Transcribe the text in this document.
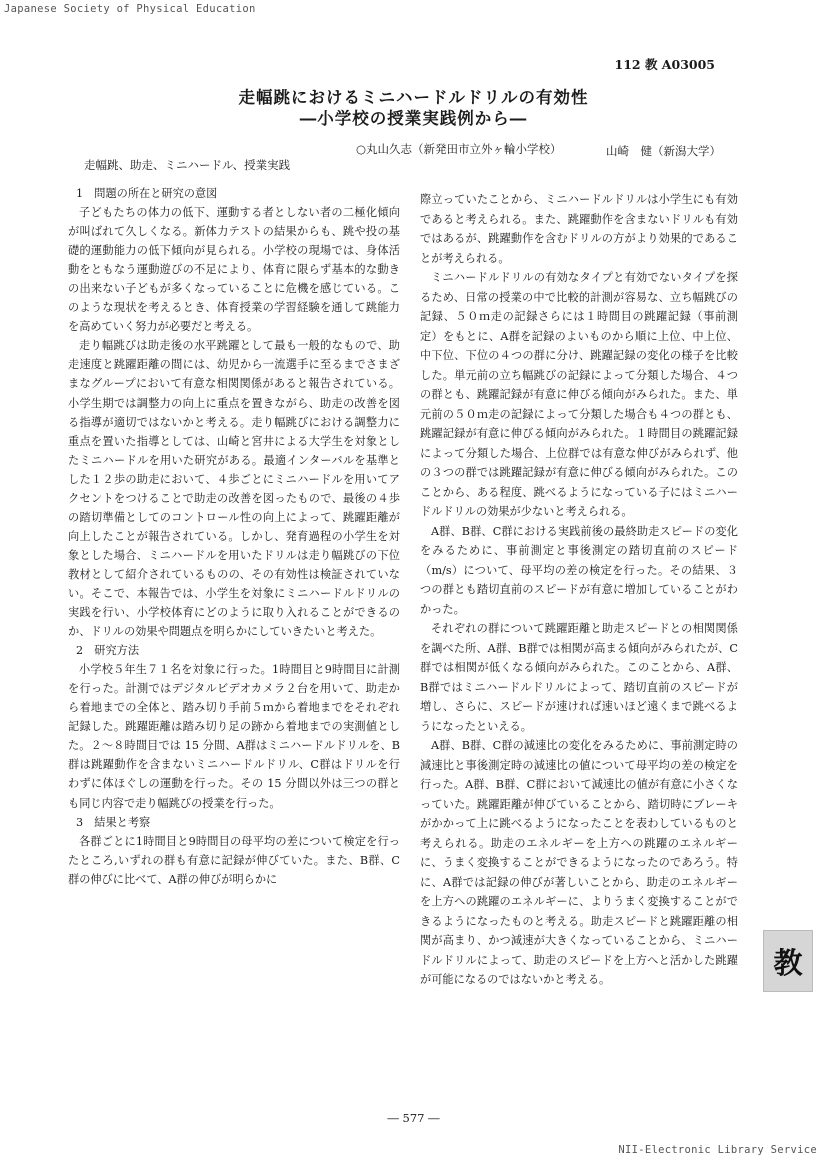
Japanese Society of Physical Education
112 教 A03005
走幅跳におけるミニハードルドリルの有効性
―小学校の授業実践例から―
○丸山久志（新発田市立外ヶ輪小学校）	山崎　健（新潟大学）
走幅跳、助走、ミニハードル、授業実践

1　問題の所在と研究の意図

子どもたちの体力の低下、運動する者としない者の二極化傾向が叫ばれて久しくなる。新体力テストの結果からも、跳や投の基礎的運動能力の低下傾向が見られる。小学校の現場では、身体活動をともなう運動遊びの不足により、体育に限らず基本的な動きの出来ない子どもが多くなっていることに危機を感じている。このような現状を考えるとき、体育授業の学習経験を通して跳能力を高めていく努力が必要だと考える。

走り幅跳びは助走後の水平跳躍として最も一般的なもので、助走速度と跳躍距離の間には、幼児から一流選手に至るまでさまざまなグループにおいて有意な相関関係があると報告されている。小学生期では調整力の向上に重点を置きながら、助走の改善を図る指導が適切ではないかと考える。走り幅跳びにおける調整力に重点を置いた指導としては、山崎と宮井による大学生を対象としたミニハードルを用いた研究がある。最適インターバルを基準とした１２歩の助走において、４歩ごとにミニハードルを用いてアクセントをつけることで助走の改善を図ったもので、最後の４歩の踏切準備としてのコントロール性の向上によって、跳躍距離が向上したことが報告されている。しかし、発育過程の小学生を対象とした場合、ミニハードルを用いたドリルは走り幅跳びの下位教材として紹介されているものの、その有効性は検証されていない。そこで、本報告では、小学生を対象にミニハードルドリルの実践を行い、小学校体育にどのように取り入れることができるのか、ドリルの効果や問題点を明らかにしていきたいと考えた。

2　研究方法

小学校５年生７１名を対象に行った。1時間目と9時間目に計測を行った。計測ではデジタルビデオカメラ２台を用いて、助走から着地までの全体と、踏み切り手前５ｍから着地までをそれぞれ記録した。跳躍距離は踏み切り足の跡から着地までの実測値とした。２～８時間目では 15 分間、A群はミニハードルドリルを、B群は跳躍動作を含まないミニハードルドリル、C群はドリルを行わずに体ほぐしの運動を行った。その 15 分間以外は三つの群とも同じ内容で走り幅跳びの授業を行った。

3　結果と考察

各群ごとに1時間目と9時間目の母平均の差について検定を行ったところ,いずれの群も有意に記録が伸びていた。また、B群、C群の伸びに比べて、A群の伸びが明らかに

際立っていたことから、ミニハードルドリルは小学生にも有効であると考えられる。また、跳躍動作を含まないドリルも有効ではあるが、跳躍動作を含むドリルの方がより効果的であることが考えられる。

ミニハードルドリルの有効なタイプと有効でないタイプを探るため、日常の授業の中で比較的計測が容易な、立ち幅跳びの記録、５０ｍ走の記録さらには１時間目の跳躍記録（事前測定）をもとに、A群を記録のよいものから順に上位、中上位、中下位、下位の４つの群に分け、跳躍記録の変化の様子を比較した。単元前の立ち幅跳びの記録によって分類した場合、４つの群とも、跳躍記録が有意に伸びる傾向がみられた。また、単元前の５０ｍ走の記録によって分類した場合も４つの群とも、跳躍記録が有意に伸びる傾向がみられた。１時間目の跳躍記録によって分類した場合、上位群では有意な伸びがみられず、他の３つの群では跳躍記録が有意に伸びる傾向がみられた。このことから、ある程度、跳べるようになっている子にはミニハードルドリルの効果が少ないと考えられる。

A群、B群、C群における実践前後の最終助走スピードの変化をみるために、事前測定と事後測定の踏切直前のスピード（m/s）について、母平均の差の検定を行った。その結果、３つの群とも踏切直前のスピードが有意に増加していることがわかった。

それぞれの群について跳躍距離と助走スピードとの相関関係を調べた所、A群、B群では相関が高まる傾向がみられたが、C群では相関が低くなる傾向がみられた。このことから、A群、B群ではミニハードルドリルによって、踏切直前のスピードが増し、さらに、スピードが速ければ速いほど遠くまで跳べるようになったといえる。

A群、B群、C群の減速比の変化をみるために、事前測定時の減速比と事後測定時の減速比の値について母平均の差の検定を行った。A群、B群、C群において減速比の値が有意に小さくなっていた。跳躍距離が伸びていることから、踏切時にブレーキがかかって上に跳べるようになったことを表わしているものと考えられる。助走のエネルギーを上方への跳躍のエネルギーに、うまく変換することができるようになったのであろう。特に、A群では記録の伸びが著しいことから、助走のエネルギーを上方への跳躍のエネルギーに、よりうまく変換することができるようになったものと考える。助走スピードと跳躍距離の相関が高まり、かつ減速が大きくなっていることから、ミニハードルドリルによって、助走のスピードを上方へと活かした跳躍が可能になるのではないかと考える。	教
― 577 ―
NII-Electronic Library Service
